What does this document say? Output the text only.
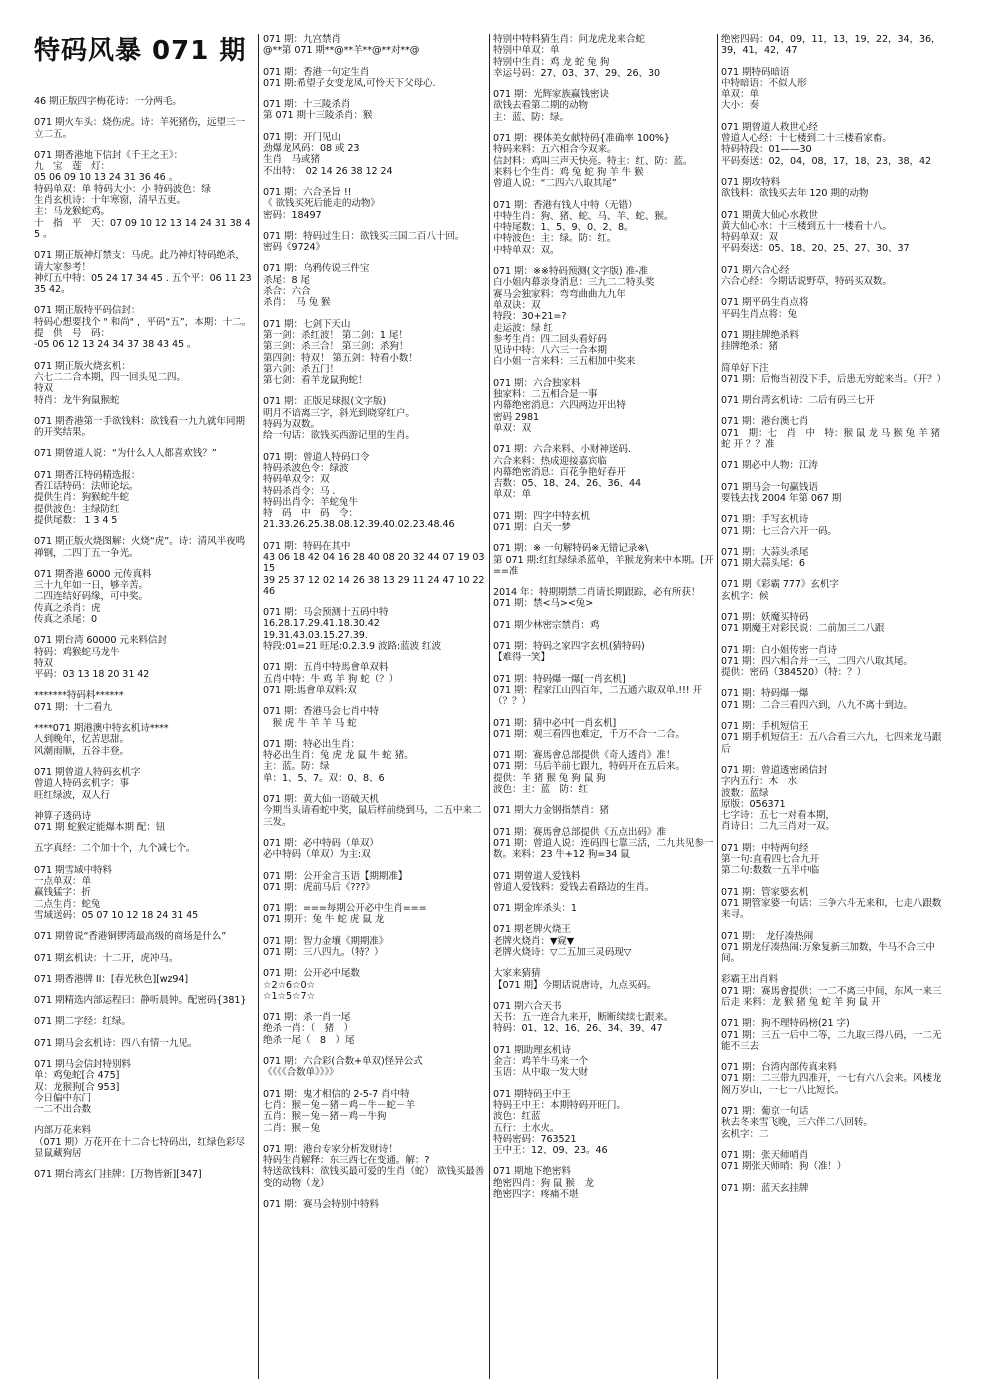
特码风暴 071 期
46 期正版四字梅花诗：一分两毛。
071 期火车头：烧伤虎。诗：羊死猪伤，远望三一立二五。
071 期香港地下信封《千王之王》：
九　宝　莲　灯：
05 06 09 10 13 24 31 36 46 。
特码单双：单 特码大小：小 特码波色：绿
生肖玄机诗：十年寒窗，清早五更。
主：马龙猴蛇鸡。
十　指　平　天：07 09 10 12 13 14 24 31 38 45 。
071 期正版神灯禁支：马虎。此乃神灯特码绝杀，请大家参考！
神灯五中特：05 24 17 34 45 . 五个平：06 11 23 35 42。
071 期正版特平码信封：
特码心想要找个 " 和尚" ，平码“五”，本期：十二。
提　供　号　码：
-05 06 12 13 24 34 37 38 43 45 。
071 期正版火烧玄机：
六七二二合本期，四一回头见二四。
特双
特肖：龙牛狗鼠猴蛇
071 期香港第一手欲钱料：欲钱看一九九就年同期的开奖结果。
071 期曾道人说：“为什么人人都喜欢钱？”
071 期香江特码精选报：
香江话特码：法师论坛。
提供生肖：狗猴蛇牛蛇
提供波色：主绿防红
提供尾数： 1 3 4 5
071 期正版火烧图解：火烧“虎”。诗：清风半夜鸣禅钢，二四丁五一争光。
071 期香港 6000 元传真料
三十九年如一日，够辛苦。
二四连结好码缘，可中奖。
传真之杀肖：虎
传真之杀尾：0
071 期台湾 60000 元来料信封
特码：鸡猴蛇马龙牛
特双
平码：03 13 18 20 31 42
*******特码料******
071 期：十二看九
****071 期港澳中特玄机诗****
人到晚年，忆苦思甜。
风潮雨顺，五谷丰登。
071 期曾道人特码玄机字
曾道人特码玄机字：事
旺红绿波，双人行
神算子透码诗
071 期 蛇猴定能爆本期 配：钮
五字真经：二个加十个，九个减七个。
071 期雪域中特料
一点单双：单
赢钱猛字：折
二点生肖：蛇兔
雪域送码：05 07 10 12 18 24 31 45
071 期曾说“香港铜锣湾最高级的商场是什么”
071 期玄机诀：十二开，虎冲马。
071 期香港牌 II：[春光秋色][wz94]
071 期精选内部运程曰：静听晨钟。配密码{381}
071 期二字经：红绿。
071 期马会玄机诗：四八有情一九见。
071 期马会信封特别料
单：鸡兔蛇[合 475]
双：龙猴狗[合 953]
今日偏中东门
一二不出合数
内部万花来料
（071 期）万花开在十二合七特码出，红绿色彩尽显鼠藏狗居
071 期台湾玄门挂牌：[万物皆新][347]
071 期：九宫禁肖
@**第 071 期**@**羊**@**对**@
071 期：香港一句定生肖
071 期:希望子女变龙凤,可怜天下父母心.
071 期：十三陵杀肖
第 071 期十三陵杀肖：猴
071 期：开门见山
劲爆龙风码：08 或 23
生肖　马或猪
不出特：　02 14 26 38 12 24
071 期：六合圣旨 !!
《 欲钱买死后能走的动物》
密码：18497
071 期：特码过生日：欲钱买三国二百八十回。
密码《9724》
071 期：乌鸦传说三件宝
杀尾：8 尾
杀合：六合
杀肖：　马 兔 猴
071 期：七剑下天山
第一剑：杀红波！ 第二剑：1 尾！
第三剑：杀三合！ 第三剑：杀狗！
第四剑：特双！ 第五剑：特看小数！
第六剑：杀五门！
第七剑：看羊龙鼠狗蛇！
071 期：正版足球报(文字版)
明月不谙离三字，斜光到晓穿红户。
特码为双数。
给一句话：欲钱买西游记里的生肖。
071 期：曾道人特码口令
特码杀波色令：绿波
特码单双令：双
特码杀肖令：马 .
特码出肖令：羊蛇兔牛
特　码　中　码　令：
21.33.26.25.38.08.12.39.40.02.23.48.46
071 期：特码在其中
43 06 18 42 04 16 28 40 08 20 32 44 07 19 03 15
39 25 37 12 02 14 26 38 13 29 11 24 47 10 22 46
071 期：马会预测十五码中特
16.28.17.29.41.18.30.42
19.31.43.03.15.27.39.
特段:01=21 旺尾:0.2.3.9 波路:蓝波 红波
071 期：五肖中特馬會单双料
五肖中特：牛 鸡 羊 狗 蛇（？）
071 期:馬會单双料:双
071 期：香港马会七肖中特
　猴 虎 牛 羊 羊 马 蛇
071 期：特必出生肖：
特必出生肖：兔 虎 龙 鼠 牛 蛇 猪。
主：蓝。防：绿
单：1、5、7。双：0、8、6
071 期：黄大仙一语破天机
今期当头请看蛇中奖，鼠后样前绕到马，二五中来二三发。
071 期：必中特码（单双）
必中特码（单双）为主:双
071 期：公开金言玉语【期期准】
071 期：虎前马后《???》
071 期：===每期公开必中生肖===
071 期开：兔 牛 蛇 虎 鼠 龙
071 期：智力金壤《期期准》
071 期：三八四九。（特？）
071 期：公开必中尾数
☆2☆6☆0☆
☆1☆5☆7☆
071 期：杀一肖一尾
绝杀一肖：（　猪　）
绝杀一尾（　8　）尾
071 期：六合彩(合数+单双)怪异公式
《《《《合数单》》》》
071 期：鬼才相信的 2-5-7 肖中特
七肖：猴－兔－猪－鸡－牛－蛇－羊
五肖：猴－兔－猪－鸡－牛狗
二肖：猴－兔
071 期：港台专家分析发财诗！
特码生肖解释：东三西七在变通。解：?
特送欲钱料：欲钱买最可爱的生肖（蛇） 欲钱买最善变的动物（龙）
071 期：赛马会特别中特料
特别中特料猜生肖：问龙虎龙来合蛇
特别中单双：单
特别中生肖：鸡 龙 蛇 兔 狗
幸运号码：27、03、37、29、26、30
071 期：光辉家族赢钱密诀
欲钱去看第二期的动物
主：蓝、防：绿。
071 期：裸体美女献特码{准确率 100%}
特码来料：五六相合今双来。
信封料：鸡叫三声天快亮。特主：红、防：蓝。
来料七个生肖：鸡 兔 蛇 狗 羊 牛 猴
曾道人说：“二四六八取其尾”
071 期：香港有钱人中特（无错）
中特生肖：狗、猪、蛇、马、羊、蛇、猴。
中特尾数：1、5、9、0、2、8。
中特波色：主：绿。防：红。
中特单双：双。
071 期：※※特码预测(文字版) 准-准
白小姐内幕亲身消息：三九二二特头奖
赛马会独家料：弯弯曲曲九九年
单双诀：双
特段：30+21=?
走运波：绿 红
参考生肖：四二回头看好码
见诗中特：八六三一合本期
白小姐一言来料：三五相加中奖来
071 期：六合独家料
独家料：二五相合是一事
内幕绝密消息：六四两边开出特
密码 2981
单双：双
071 期：六合来料、小财神送码.
六合来料：热成迎接嘉宾临
内幕绝密消息：百花争艳好春开
吉数：05、18、24、26、36、44
单双：单
071 期：四字中特玄机
071 期：白天一梦
071 期：※ 一句解特码※无错记录※\
第 071 期:红红绿绿杀蓝单，羊猴龙狗来中本期。[开==准
2014 年：特期期禁二肖请长期跟踪，必有所获！
071 期：禁<马><兔>
071 期少林密宗禁肖：鸡
071 期：特码之家四字玄机(猜特码)
【难得一笑】
071 期：特码爆一爆[一肖玄机]
071 期：程家江山四百年，二五通六取双单.!!! 开（？？）
071 期：猜中必中[一肖玄机]
071 期：观三看四也难定，千万不合一二合。
071 期：赛馬會总部提供《奇人透肖》准！
071 期：马后羊前七跟九，特码开在五后来。
提供：羊 猪 猴 兔 狗 鼠 狗
波色：主：蓝　防：红
071 期大力金钢指禁肖：猪
071 期：赛馬會总部提供《五点出码》准
071 期：曾道人说：连码四七靠三活，二九共见参一数。来料：23 牛+12 狗=34 鼠
071 期曾道人爱钱料
曾道人爱钱料：爱钱去看路边的生肖。
071 期金库杀头：1
071 期老牌火烧王
老牌火烧肖：▼窥▼
老牌火烧诗：▽二五加三灵码现▽
大家来猜猜
【071 期】今期话说唐诗，九点买码。
071 期六合天书
天书：五一连合九来开，断断续续七跟来。
特码：01、12、16、26、34、39、47
071 期助理玄机诗
金言：鸡羊牛马来一个
玉语：从中取一发大财
071 期特码王中王
特码王中王：本期特码开旺门。
波色：红蓝
五行：土水火。
特码密码：763521
王中王：12、09、23。46
071 期地下绝密料
绝密四肖：狗 鼠 猴　龙
绝密四字：疼痛不堪
绝密四码：04，09，11，13，19，22，34，36，39，41，42，47
071 期特码暗语
中特暗语：不似人形
单双：单
大小：奏
071 期曾道人救世心经
曾道人心经：十七楼到二十三楼看家畜。
特码特段：01——30
平码奏送：02，04，08，17，18，23，38，42
071 期攻特料
欲钱料：欲钱买去年 120 期的动物
071 期黄大仙心水救世
黄大仙心水：十三楼到五十一楼看十八。
特码单双：双
平码奏送：05、18、20、25、27、30、37
071 期六合心经
六合心经：今期话说野草，特码买双数。
071 期平码生肖点将
平码生肖点将：兔
071 期挂牌绝杀料
挂牌绝杀：猪
简单好下注
071 期：后悔当初没下手，后患无穷蛇来当。（开？）
071 期台湾玄机诗：二后有码三七开
071 期：港台澳七肖
071　期：七　肖　中　特：猴 鼠 龙 马 猴 兔 羊 猪 蛇 开 ？？准
071 期必中人物：江涛
071 期马会一句赢钱语
要钱去找 2004 年第 067 期
071 期：手写玄机诗
071 期：七三合六开一码。
071 期：大蒜头杀尾
071 期大蒜头尾：6
071 期《彩霸 777》玄机字
玄机字：候
071 期：妖魔买特码
071 期魔王对彩民说：二前加三二八跟
071 期：白小姐传密一肖诗
071 期：四六相合并一三，二四六八取其尾。
提供：密码（384520）（特：？）
071 期：特码爆一爆
071 期：二合三看四六到，八九不离十到边。
071 期：手机短信王
071 期手机短信王：五八合看三六九，七四来龙马跟后
071 期：曾道透密函信封
字内五行：木　水
波数：蓝绿
原版：056371
七字诗：五七一对看本期，
肖诗日：二九三肖对一双。
071 期：中特两句经
第一句:直看四七合九开
第二句:数数一五半中临
071 期：管家婆玄机
071 期管家婆一句话：三争六斗无来和，七走八跟数来寻。
071 期：　龙仔凑热闹
071 期龙仔凑热闹:万象复新三加数，牛马不合三中间。
彩霸王出肖料
071 期：赛馬會提供：一二不离三中间，东风一来三后走 来料：龙 猴 猪 兔 蛇 羊 狗 鼠 开
071 期：狗不理特码榜(21 字)
071 期：三五一后中二等，二九取三得八码，一二无能不三去
071 期：台湾内部传真来料
071 期：二三带九四准开，一七有六八会来。风楼龙阁万岁山，一七一八比短长。
071 期：葡京一句话
秋去冬来雪飞晚，三六伴二八回转。
玄机字：二
071 期：张天师哨肖
071 期张天师哨：狗（准！）
071 期：蓝天玄挂牌
